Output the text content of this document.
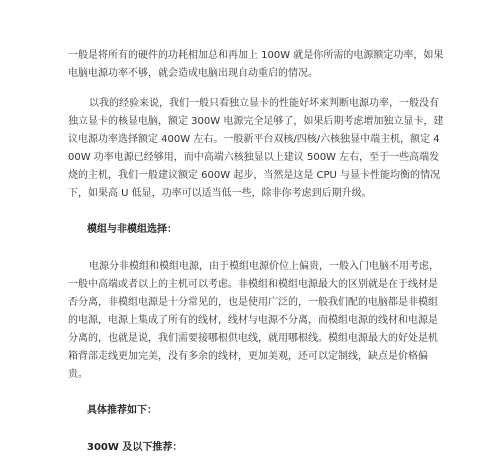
一般是将所有的硬件的功耗相加总和再加上 100W 就是你所需的电源额定功率，如果电脑电源功率不够，就会造成电脑出现自动重启的情况。

以我的经验来说，我们一般只看独立显卡的性能好坏来判断电源功率，一般没有独立显卡的核显电脑，额定 300W 电源完全足够了，如果后期考虑增加独立显卡，建议电源功率选择额定 400W 左右。一般新平台双核/四核/六核独显中端主机，额定 400W 功率电源已经够用，而中高端六核独显以上建议 500W 左右，至于一些高端发烧的主机，我们一般建议额定 600W 起步，当然是这是 CPU 与显卡性能均衡的情况下，如果高 U 低显，功率可以适当低一些，除非你考虑到后期升级。

模组与非模组选择：

电源分非模组和模组电源，由于模组电源价位上偏贵，一般入门电脑不用考虑，一般中高端或者以上的主机可以考虑。非模组和模组电源最大的区别就是在于线材是否分离，非模组电源是十分常见的，也是使用广泛的，一般我们配的电脑都是非模组的电源，电源上集成了所有的线材，线材与电源不分离，而模组电源的线材和电源是分离的，也就是说，我们需要接哪根供电线，就用哪根线。模组电源最大的好处是机箱背部走线更加完美，没有多余的线材，更加美观，还可以定制线，缺点是价格偏贵。

具体推荐如下：

300W 及以下推荐：
